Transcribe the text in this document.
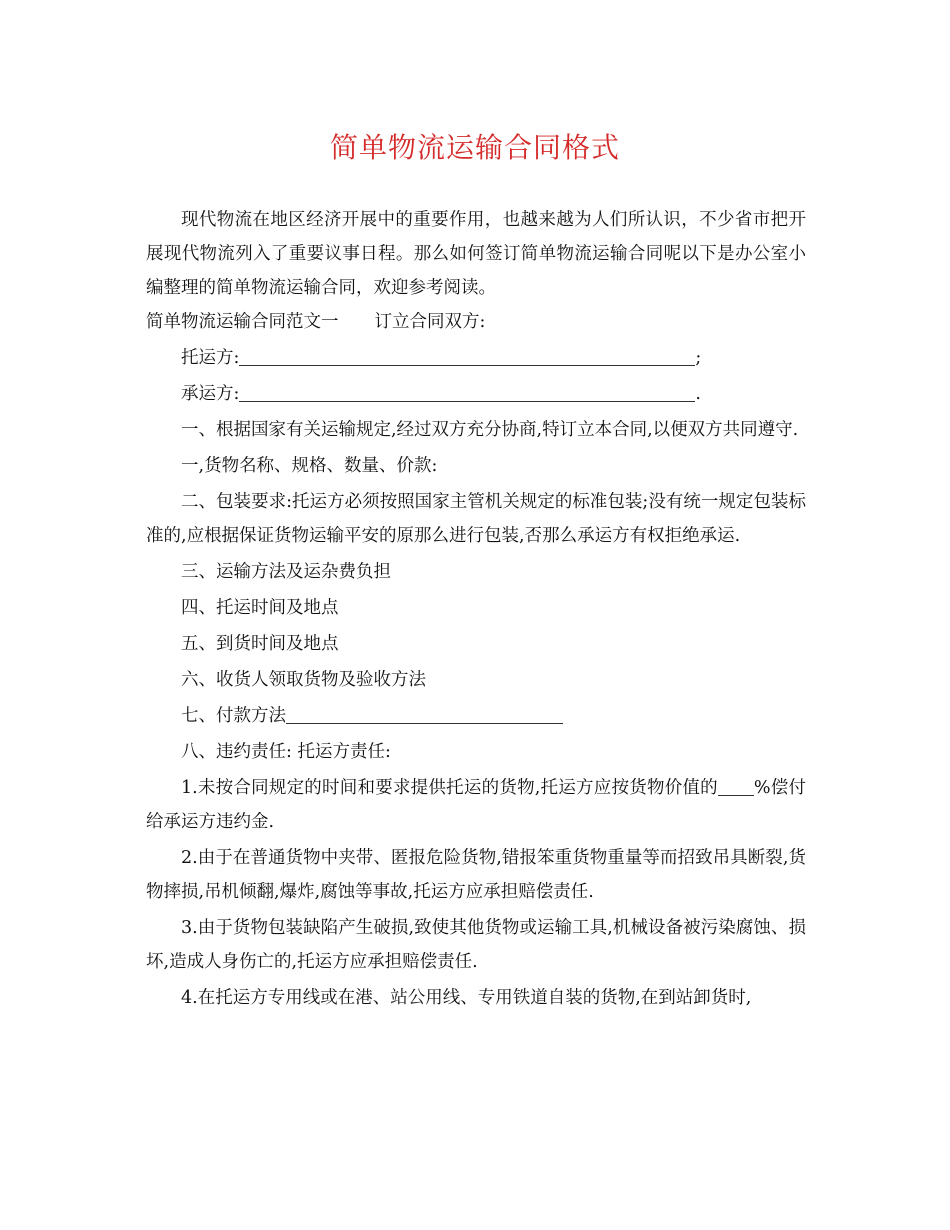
简单物流运输合同格式

现代物流在地区经济开展中的重要作用，也越来越为人们所认识，不少省市把开展现代物流列入了重要议事日程。那么如何签订简单物流运输合同呢以下是办公室小编整理的简单物流运输合同，欢迎参考阅读。

简单物流运输合同范文一 订立合同双方:

托运方:	;

承运方:	.

一、根据国家有关运输规定,经过双方充分协商,特订立本合同,以便双方共同遵守.

一,货物名称、规格、数量、价款:

二、包装要求:托运方必须按照国家主管机关规定的标准包装;没有统一规定包装标准的,应根据保证货物运输平安的原那么进行包装,否那么承运方有权拒绝承运.

三、运输方法及运杂费负担

四、托运时间及地点

五、到货时间及地点

六、收货人领取货物及验收方法

七、付款方法

八、违约责任: 托运方责任:

1.未按合同规定的时间和要求提供托运的货物,托运方应按货物价值的 %偿付给承运方违约金.

2.由于在普通货物中夹带、匿报危险货物,错报笨重货物重量等而招致吊具断裂,货物摔损,吊机倾翻,爆炸,腐蚀等事故,托运方应承担赔偿责任.

3.由于货物包装缺陷产生破损,致使其他货物或运输工具,机械设备被污染腐蚀、损坏,造成人身伤亡的,托运方应承担赔偿责任.

4.在托运方专用线或在港、站公用线、专用铁道自装的货物,在到站卸货时,
